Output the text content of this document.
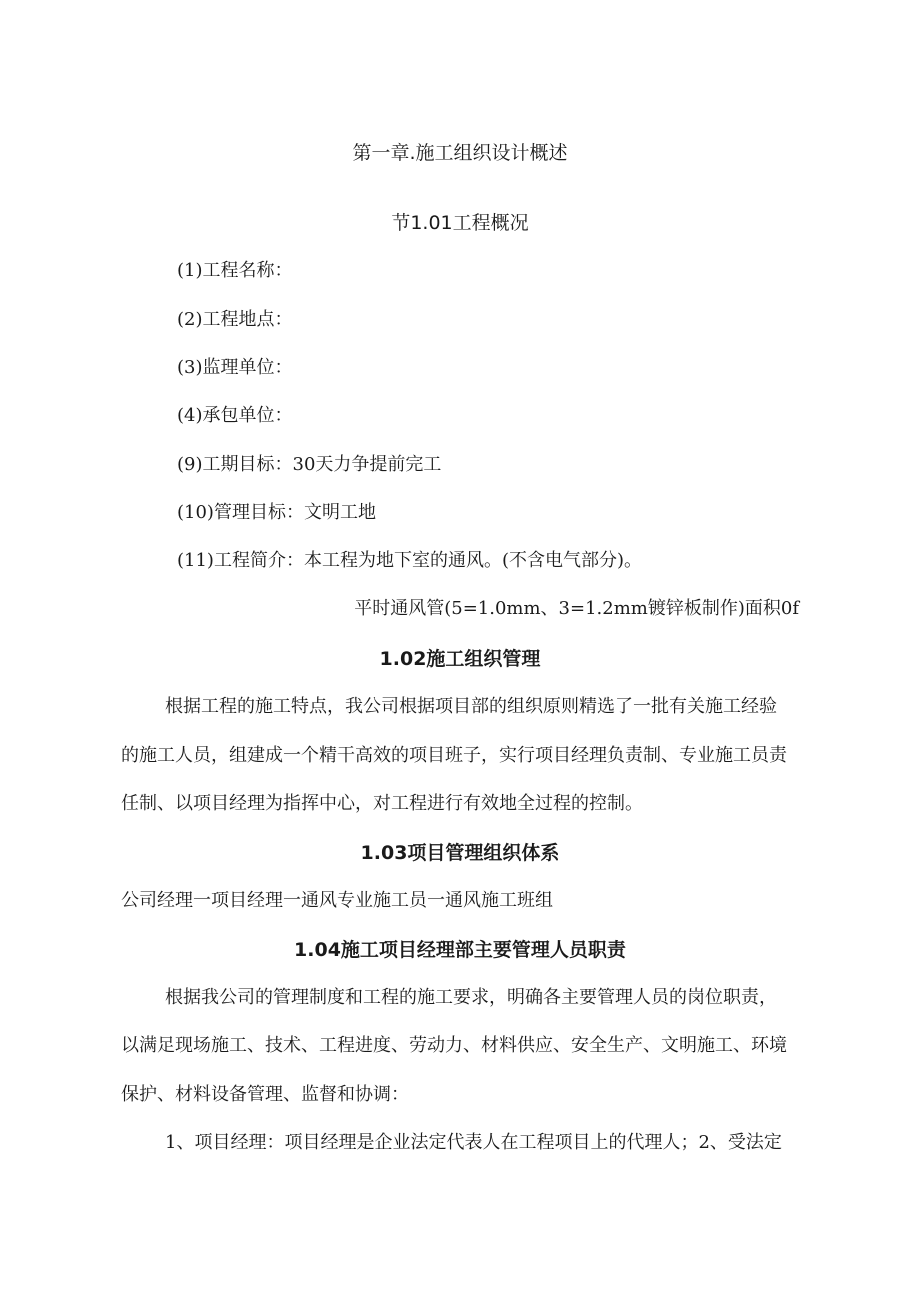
第一章.施工组织设计概述
节1.01工程概况
(1)工程名称：
(2)工程地点：
(3)监理单位：
(4)承包单位：
(9)工期目标：30天力争提前完工
(10)管理目标：文明工地
(11)工程简介：本工程为地下室的通风。(不含电气部分)。
平时通风管(5=1.0mm、3=1.2mm镀锌板制作)面积0f
1.02施工组织管理
根据工程的施工特点，我公司根据项目部的组织原则精选了一批有关施工经验
的施工人员，组建成一个精干高效的项目班子，实行项目经理负责制、专业施工员责
任制、以项目经理为指挥中心，对工程进行有效地全过程的控制。
1.03项目管理组织体系
公司经理一项目经理一通风专业施工员一通风施工班组
1.04施工项目经理部主要管理人员职责
根据我公司的管理制度和工程的施工要求，明确各主要管理人员的岗位职责，
以满足现场施工、技术、工程进度、劳动力、材料供应、安全生产、文明施工、环境
保护、材料设备管理、监督和协调：
1、项目经理：项目经理是企业法定代表人在工程项目上的代理人；2、受法定
